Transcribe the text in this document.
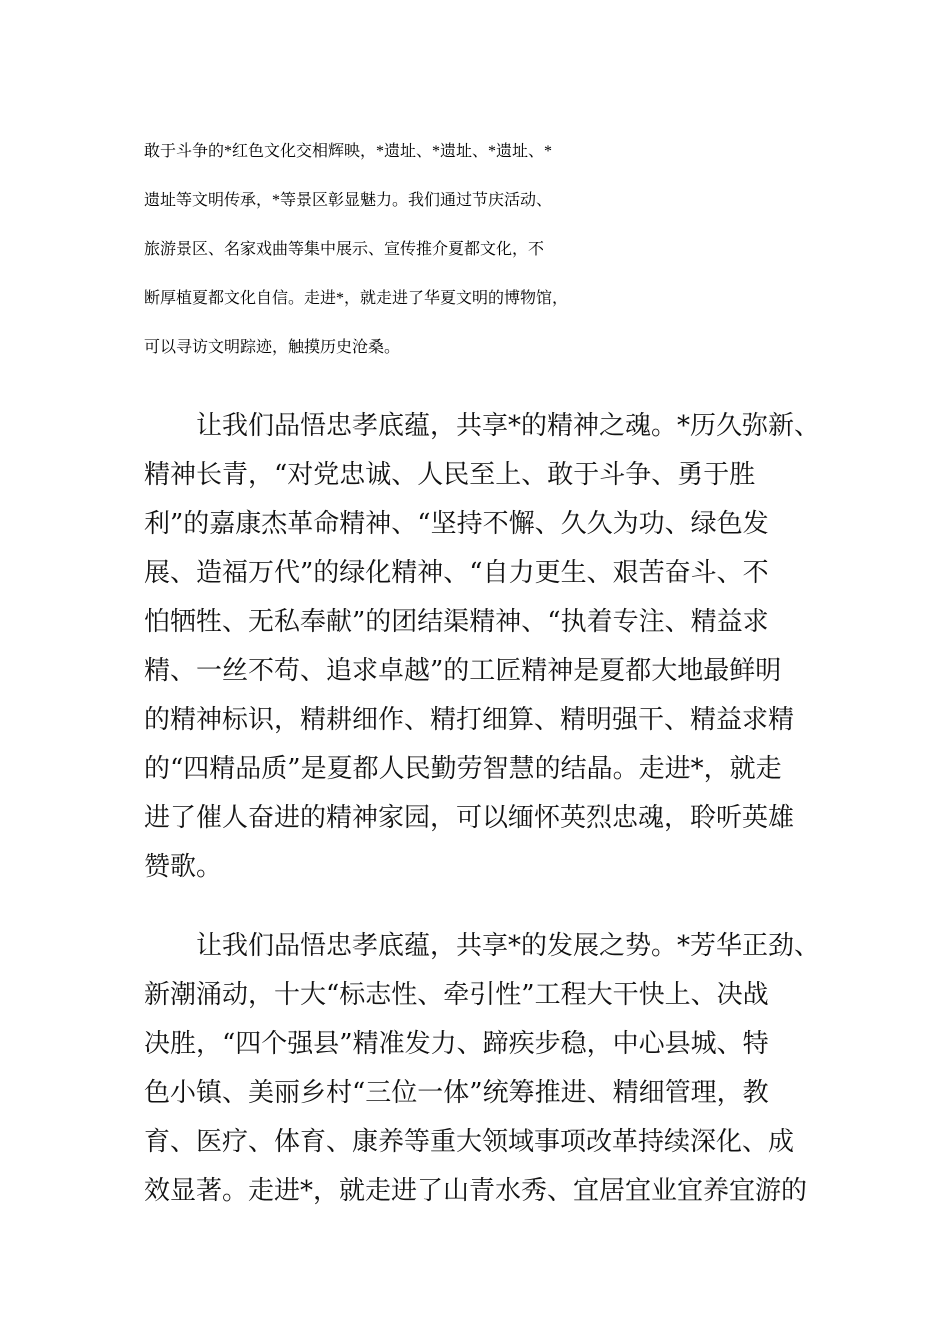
敢于斗争的*红色文化交相辉映，*遗址、*遗址、*遗址、*
遗址等文明传承，*等景区彰显魅力。我们通过节庆活动、
旅游景区、名家戏曲等集中展示、宣传推介夏都文化，不
断厚植夏都文化自信。走进*，就走进了华夏文明的博物馆，
可以寻访文明踪迹，触摸历史沧桑。

　　让我们品悟忠孝底蕴，共享*的精神之魂。*历久弥新、
精神长青，“对党忠诚、人民至上、敢于斗争、勇于胜
利”的嘉康杰革命精神、“坚持不懈、久久为功、绿色发
展、造福万代”的绿化精神、“自力更生、艰苦奋斗、不
怕牺牲、无私奉献”的团结渠精神、“执着专注、精益求
精、一丝不苟、追求卓越”的工匠精神是夏都大地最鲜明
的精神标识，精耕细作、精打细算、精明强干、精益求精
的“四精品质”是夏都人民勤劳智慧的结晶。走进*，就走
进了催人奋进的精神家园，可以缅怀英烈忠魂，聆听英雄
赞歌。
　　让我们品悟忠孝底蕴，共享*的发展之势。*芳华正劲、
新潮涌动，十大“标志性、牵引性”工程大干快上、决战
决胜，“四个强县”精准发力、蹄疾步稳，中心县城、特
色小镇、美丽乡村“三位一体”统筹推进、精细管理，教
育、医疗、体育、康养等重大领域事项改革持续深化、成
效显著。走进*，就走进了山青水秀、宜居宜业宜养宜游的
